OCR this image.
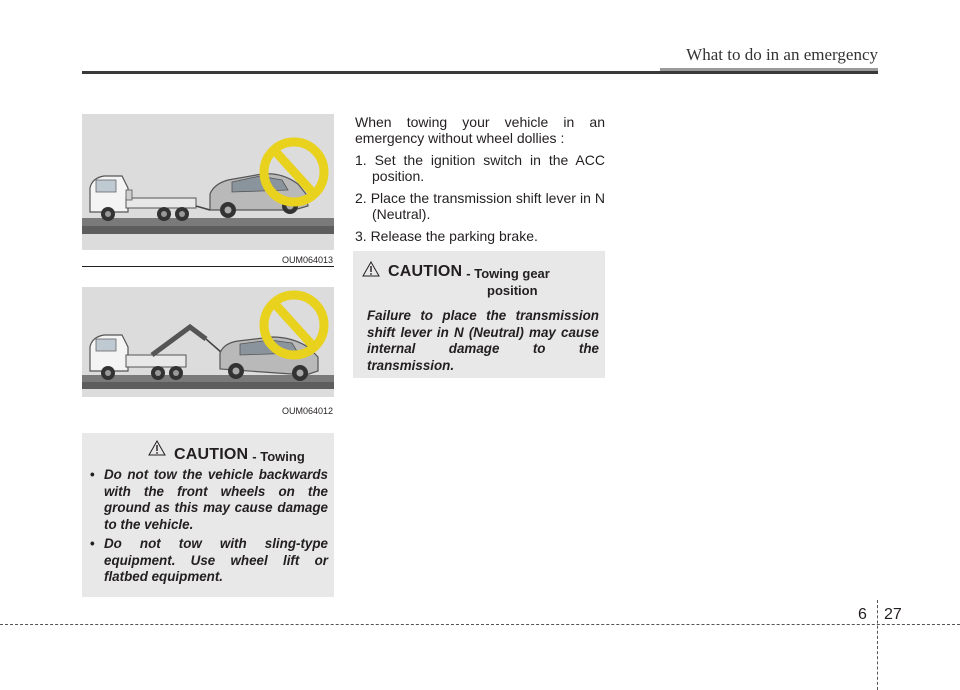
What to do in an emergency
OUM064013
OUM064012
CAUTION - Towing
• Do not tow the vehicle backwards with the front wheels on the ground as this may cause damage to the vehicle.
• Do not tow with sling-type equipment. Use wheel lift or flatbed equipment.

When towing your vehicle in an emergency without wheel dollies :

1. Set the ignition switch in the ACC position.
2. Place the transmission shift lever in N (Neutral).
3. Release the parking brake.
CAUTION - Towing gear
position

Failure to place the transmission shift lever in N (Neutral) may cause internal damage to the transmission.

6 27
